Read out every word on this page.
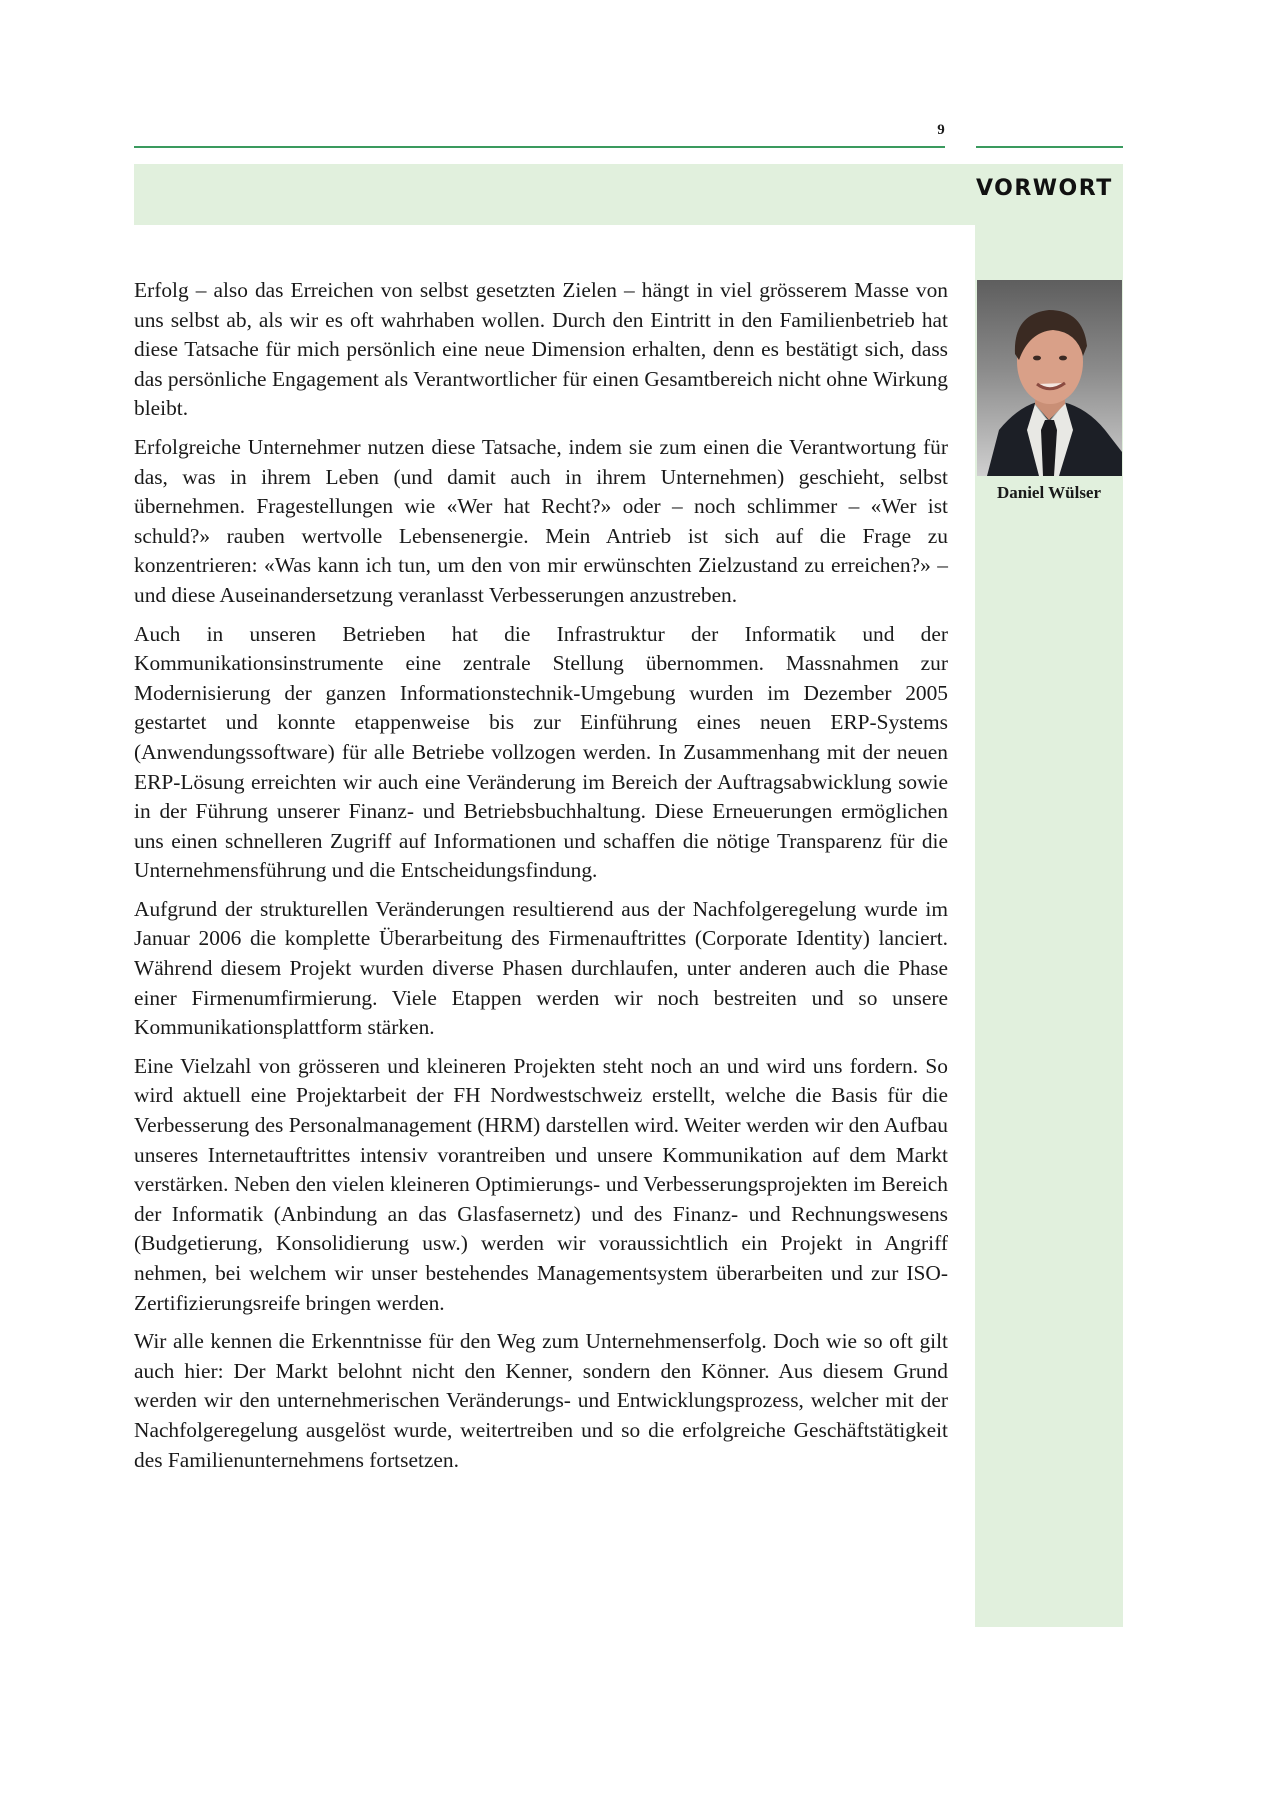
9
VORWORT
Daniel Wülser

Erfolg – also das Erreichen von selbst gesetzten Zielen – hängt in viel grösserem Masse von uns selbst ab, als wir es oft wahrhaben wollen. Durch den Eintritt in den Familienbetrieb hat diese Tatsache für mich persönlich eine neue Dimension erhalten, denn es bestätigt sich, dass das persönliche Engagement als Verantwortlicher für einen Gesamtbereich nicht ohne Wirkung bleibt.

Erfolgreiche Unternehmer nutzen diese Tatsache, indem sie zum einen die Verantwortung für das, was in ihrem Leben (und damit auch in ihrem Unternehmen) geschieht, selbst übernehmen. Fragestellungen wie «Wer hat Recht?» oder – noch schlimmer – «Wer ist schuld?» rauben wertvolle Lebensenergie. Mein Antrieb ist sich auf die Frage zu konzentrieren: «Was kann ich tun, um den von mir erwünschten Zielzustand zu erreichen?» – und diese Auseinandersetzung veranlasst Verbesserungen anzustreben.

Auch in unseren Betrieben hat die Infrastruktur der Informatik und der Kommunikationsinstrumente eine zentrale Stellung übernommen. Massnahmen zur Modernisierung der ganzen Informationstechnik-Umgebung wurden im Dezember 2005 gestartet und konnte etappenweise bis zur Einführung eines neuen ERP-Systems (Anwendungssoftware) für alle Betriebe vollzogen werden. In Zusammenhang mit der neuen ERP-Lösung erreichten wir auch eine Veränderung im Bereich der Auftragsabwicklung sowie in der Führung unserer Finanz- und Betriebsbuchhaltung. Diese Erneuerungen ermöglichen uns einen schnelleren Zugriff auf Informationen und schaffen die nötige Transparenz für die Unternehmensführung und die Entscheidungsfindung.

Aufgrund der strukturellen Veränderungen resultierend aus der Nachfolgeregelung wurde im Januar 2006 die komplette Überarbeitung des Firmenauftrittes (Corporate Identity) lanciert. Während diesem Projekt wurden diverse Phasen durchlaufen, unter anderen auch die Phase einer Firmenumfirmierung. Viele Etappen werden wir noch bestreiten und so unsere Kommunikationsplattform stärken.

Eine Vielzahl von grösseren und kleineren Projekten steht noch an und wird uns fordern. So wird aktuell eine Projektarbeit der FH Nordwestschweiz erstellt, welche die Basis für die Verbesserung des Personalmanagement (HRM) darstellen wird. Weiter werden wir den Aufbau unseres Internetauftrittes intensiv vorantreiben und unsere Kommunikation auf dem Markt verstärken. Neben den vielen kleineren Optimierungs- und Verbesserungsprojekten im Bereich der Informatik (Anbindung an das Glasfasernetz) und des Finanz- und Rechnungswesens (Budgetierung, Konsolidierung usw.) werden wir voraussichtlich ein Projekt in Angriff nehmen, bei welchem wir unser bestehendes Managementsystem überarbeiten und zur ISO-Zertifizierungsreife bringen werden.

Wir alle kennen die Erkenntnisse für den Weg zum Unternehmenserfolg. Doch wie so oft gilt auch hier: Der Markt belohnt nicht den Kenner, sondern den Könner. Aus diesem Grund werden wir den unternehmerischen Veränderungs- und Entwicklungsprozess, welcher mit der Nachfolgeregelung ausgelöst wurde, weitertreiben und so die erfolgreiche Geschäftstätigkeit des Familienunternehmens fortsetzen.
